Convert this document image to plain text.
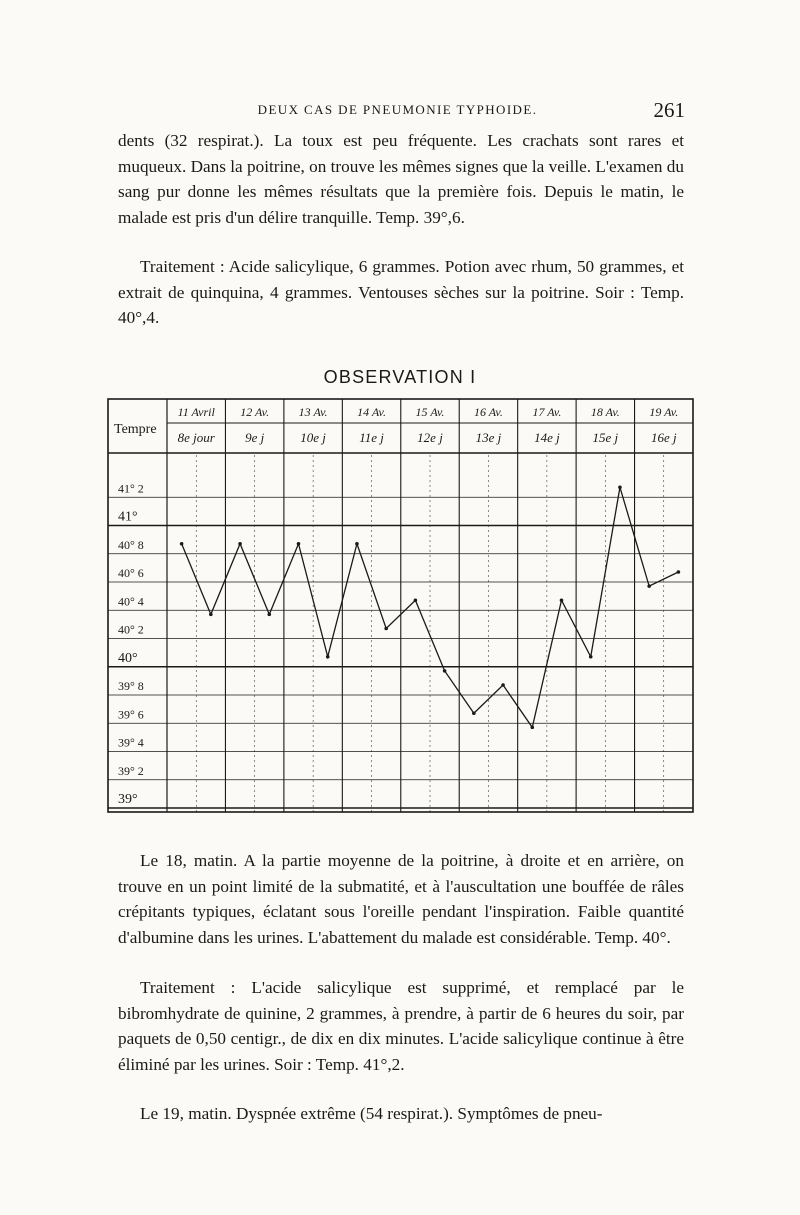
DEUX CAS DE PNEUMONIE TYPHOIDE.	261

dents (32 respirat.). La toux est peu fréquente. Les crachats sont rares et muqueux. Dans la poitrine, on trouve les mêmes signes que la veille. L'examen du sang pur donne les mêmes résultats que la première fois. Depuis le matin, le malade est pris d'un délire tranquille. Temp. 39°,6.

Traitement : Acide salicylique, 6 grammes. Potion avec rhum, 50 grammes, et extrait de quinquina, 4 grammes. Ventouses sèches sur la poitrine. Soir : Temp. 40°,4.

OBSERVATION I
Tempre
11 Avril
8e jour
12 Av.
9e j
13 Av.
10e j
14 Av.
11e j
15 Av.
12e j
16 Av.
13e j
17 Av.
14e j
18 Av.
15e j
19 Av.
16e j
41° 2
41°
40° 8
40° 6
40° 4
40° 2
40°
39° 8
39° 6
39° 4
39° 2
39°

Le 18, matin. A la partie moyenne de la poitrine, à droite et en arrière, on trouve en un point limité de la submatité, et à l'auscultation une bouffée de râles crépitants typiques, éclatant sous l'oreille pendant l'inspiration. Faible quantité d'albumine dans les urines. L'abattement du malade est considérable. Temp. 40°.

Traitement : L'acide salicylique est supprimé, et remplacé par le bibromhydrate de quinine, 2 grammes, à prendre, à partir de 6 heures du soir, par paquets de 0,50 centigr., de dix en dix minutes. L'acide salicylique continue à être éliminé par les urines. Soir : Temp. 41°,2.

Le 19, matin. Dyspnée extrême (54 respirat.). Symptômes de pneu-
